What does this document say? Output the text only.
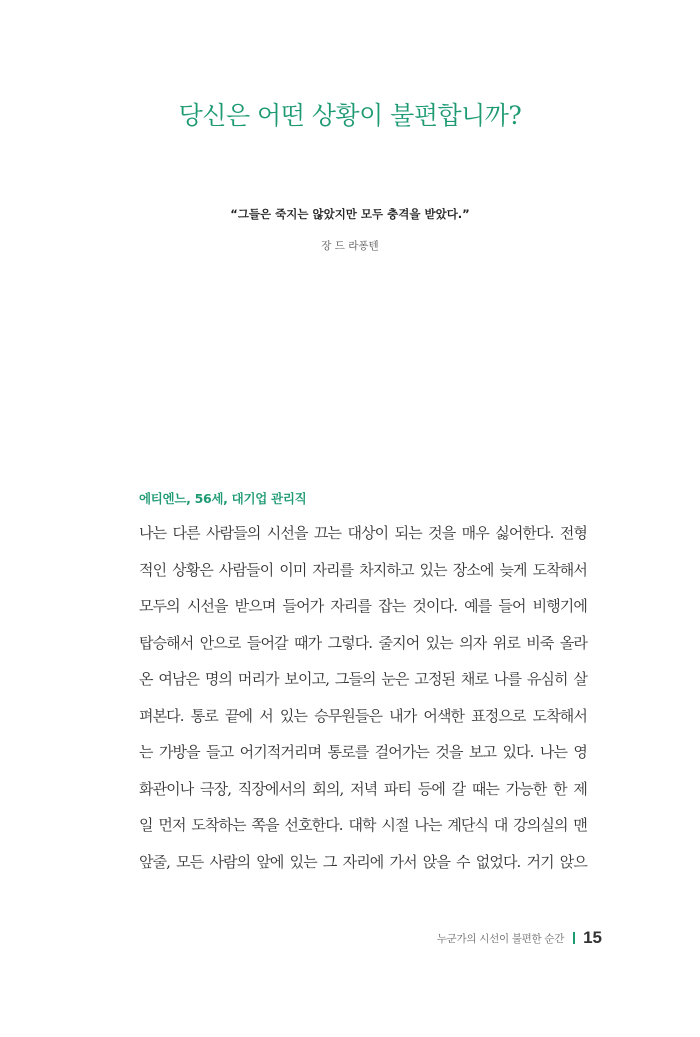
당신은 어떤 상황이 불편합니까?
“그들은 죽지는 않았지만 모두 충격을 받았다.”
장 드 라퐁텐
에티엔느, 56세, 대기업 관리직
나는 다른 사람들의 시선을 끄는 대상이 되는 것을 매우 싫어한다. 전형
적인 상황은 사람들이 이미 자리를 차지하고 있는 장소에 늦게 도착해서
모두의 시선을 받으며 들어가 자리를 잡는 것이다. 예를 들어 비행기에
탑승해서 안으로 들어갈 때가 그렇다. 줄지어 있는 의자 위로 비죽 올라
온 여남은 명의 머리가 보이고, 그들의 눈은 고정된 채로 나를 유심히 살
펴본다. 통로 끝에 서 있는 승무원들은 내가 어색한 표정으로 도착해서
는 가방을 들고 어기적거리며 통로를 걸어가는 것을 보고 있다. 나는 영
화관이나 극장, 직장에서의 회의, 저녁 파티 등에 갈 때는 가능한 한 제
일 먼저 도착하는 쪽을 선호한다. 대학 시절 나는 계단식 대 강의실의 맨
앞줄, 모든 사람의 앞에 있는 그 자리에 가서 앉을 수 없었다. 거기 앉으
누군가의 시선이 불편한 순간 15
